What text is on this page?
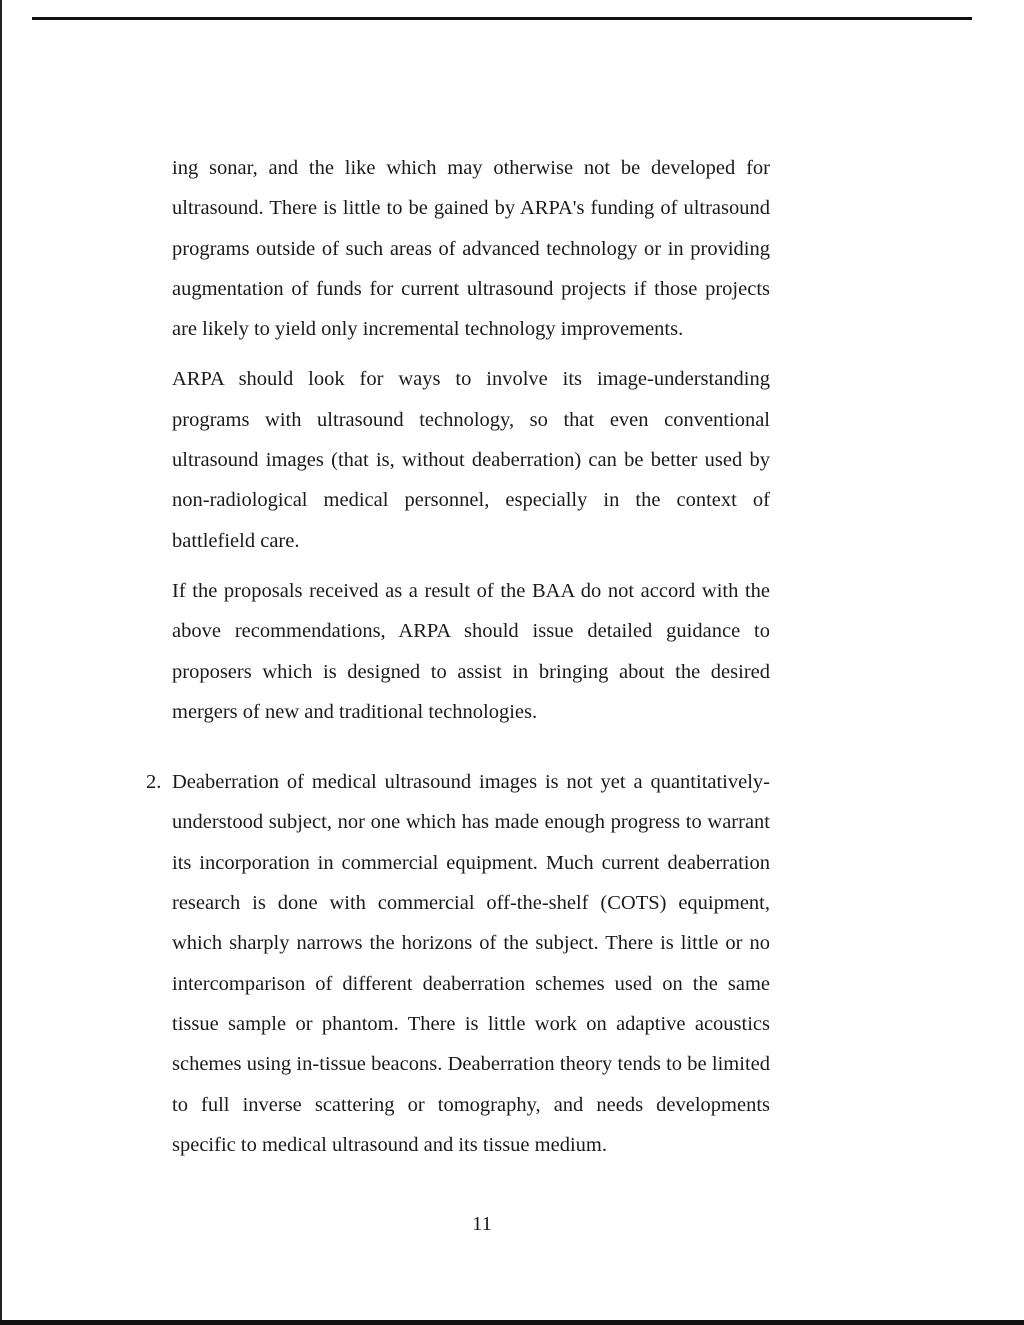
ing sonar, and the like which may otherwise not be developed for ultrasound. There is little to be gained by ARPA's funding of ultrasound programs outside of such areas of advanced technology or in providing augmentation of funds for current ultrasound projects if those projects are likely to yield only incremental technology improvements.

ARPA should look for ways to involve its image-understanding programs with ultrasound technology, so that even conventional ultrasound images (that is, without deaberration) can be better used by non-radiological medical personnel, especially in the context of battlefield care.

If the proposals received as a result of the BAA do not accord with the above recommendations, ARPA should issue detailed guidance to proposers which is designed to assist in bringing about the desired mergers of new and traditional technologies.

2. Deaberration of medical ultrasound images is not yet a quantitatively-understood subject, nor one which has made enough progress to warrant its incorporation in commercial equipment. Much current deaberration research is done with commercial off-the-shelf (COTS) equipment, which sharply narrows the horizons of the subject. There is little or no intercomparison of different deaberration schemes used on the same tissue sample or phantom. There is little work on adaptive acoustics schemes using in-tissue beacons. Deaberration theory tends to be limited to full inverse scattering or tomography, and needs developments specific to medical ultrasound and its tissue medium.

11
